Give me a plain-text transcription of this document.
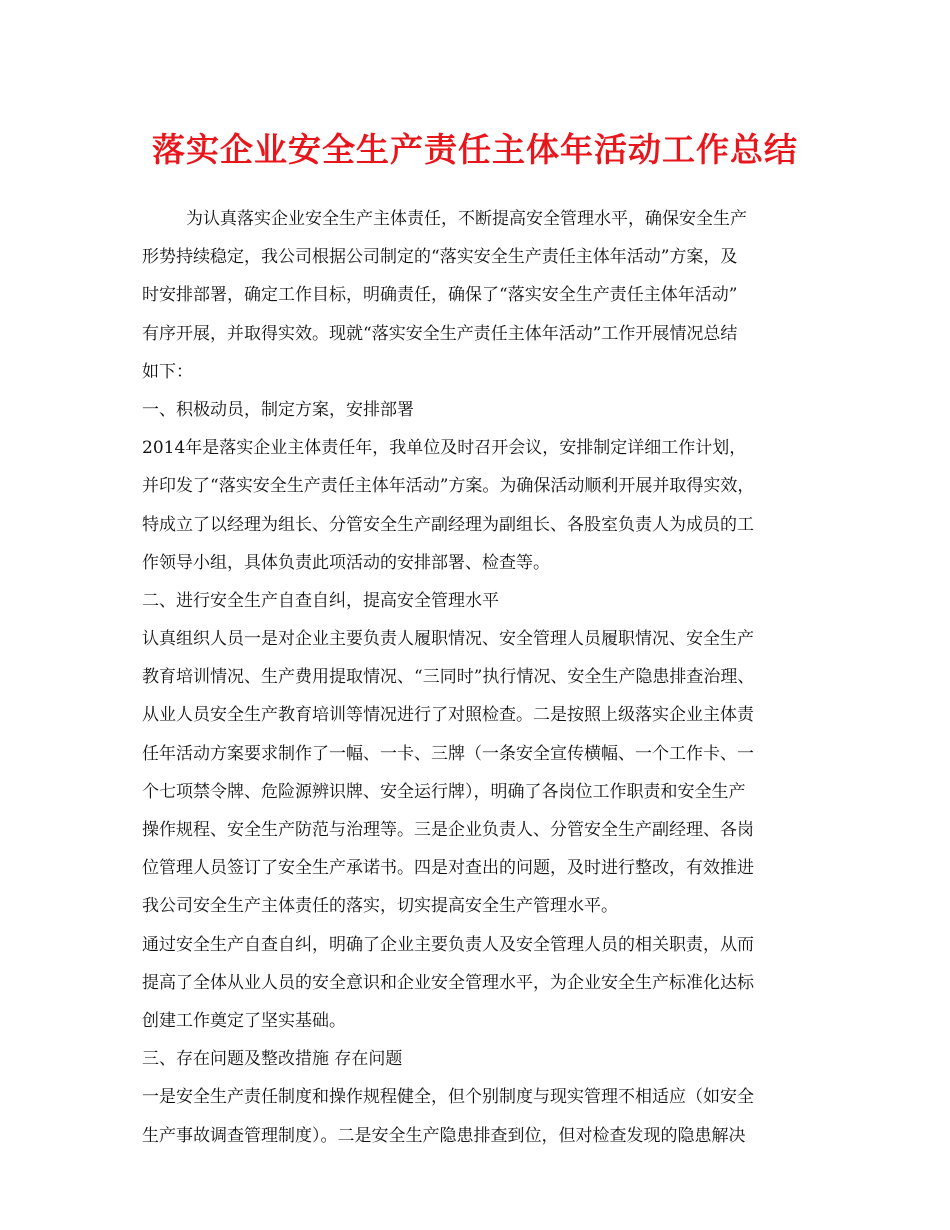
落实企业安全生产责任主体年活动工作总结
为认真落实企业安全生产主体责任，不断提高安全管理水平，确保安全生产
形势持续稳定，我公司根据公司制定的“落实安全生产责任主体年活动”方案，及
时安排部署，确定工作目标，明确责任，确保了“落实安全生产责任主体年活动”
有序开展，并取得实效。现就“落实安全生产责任主体年活动”工作开展情况总结
如下：
一、积极动员，制定方案，安排部署
2014年是落实企业主体责任年，我单位及时召开会议，安排制定详细工作计划，
并印发了“落实安全生产责任主体年活动”方案。为确保活动顺利开展并取得实效，
特成立了以经理为组长、分管安全生产副经理为副组长、各股室负责人为成员的工
作领导小组，具体负责此项活动的安排部署、检查等。
二、进行安全生产自查自纠，提高安全管理水平
认真组织人员一是对企业主要负责人履职情况、安全管理人员履职情况、安全生产
教育培训情况、生产费用提取情况、“三同时”执行情况、安全生产隐患排查治理、
从业人员安全生产教育培训等情况进行了对照检查。二是按照上级落实企业主体责
任年活动方案要求制作了一幅、一卡、三牌（一条安全宣传横幅、一个工作卡、一
个七项禁令牌、危险源辨识牌、安全运行牌），明确了各岗位工作职责和安全生产
操作规程、安全生产防范与治理等。三是企业负责人、分管安全生产副经理、各岗
位管理人员签订了安全生产承诺书。四是对查出的问题，及时进行整改，有效推进
我公司安全生产主体责任的落实，切实提高安全生产管理水平。
通过安全生产自查自纠，明确了企业主要负责人及安全管理人员的相关职责，从而
提高了全体从业人员的安全意识和企业安全管理水平，为企业安全生产标准化达标
创建工作奠定了坚实基础。
三、存在问题及整改措施 存在问题
一是安全生产责任制度和操作规程健全，但个别制度与现实管理不相适应（如安全
生产事故调查管理制度）。二是安全生产隐患排查到位，但对检查发现的隐患解决
